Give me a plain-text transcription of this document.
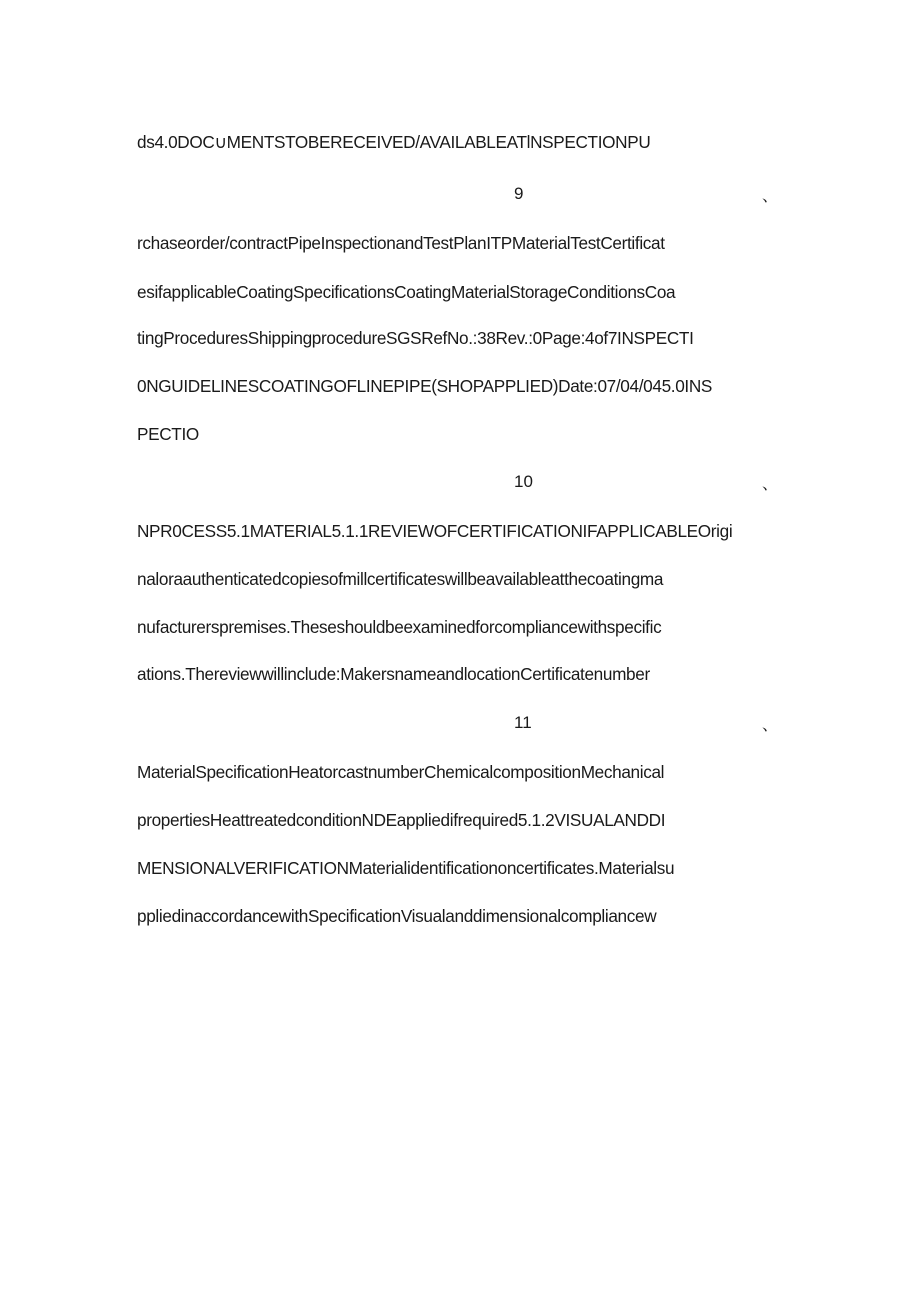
ds4.0DOC∪MENTSTOBERECEIVED/AVAILABLEATlNSPECTIONPU
9	、
rchaseorder/contractPipeInspectionandTestPlanITPMaterialTestCertificat
esifapplicableCoatingSpecificationsCoatingMaterialStorageConditionsCoa
tingProceduresShippingprocedureSGSRefNo.:38Rev.:0Page:4of7INSPECTI
0NGUIDELINESCOATINGOFLINEPIPE(SHOPAPPLIED)Date:07/04/045.0INS
PECTIO
10	、
NPR0CESS5.1MATERIAL5.1.1REVIEWOFCERTIFICATIONIFAPPLICABLEOrigi
naloraauthenticatedcopiesofmillcertificateswillbeavailableatthecoatingma
nufacturerspremises.Theseshouldbeexaminedforcompliancewithspecific
ations.Thereviewwillinclude:MakersnameandlocationCertificatenumber
11	、
MaterialSpecificationHeatorcastnumberChemicalcompositionMechanical
propertiesHeattreatedconditionNDEappliedifrequired5.1.2VISUALANDDI
MENSIONALVERIFICATIONMaterialidentificationoncertificates.Materialsu
ppliedinaccordancewithSpecificationVisualanddimensionalcompliancew
